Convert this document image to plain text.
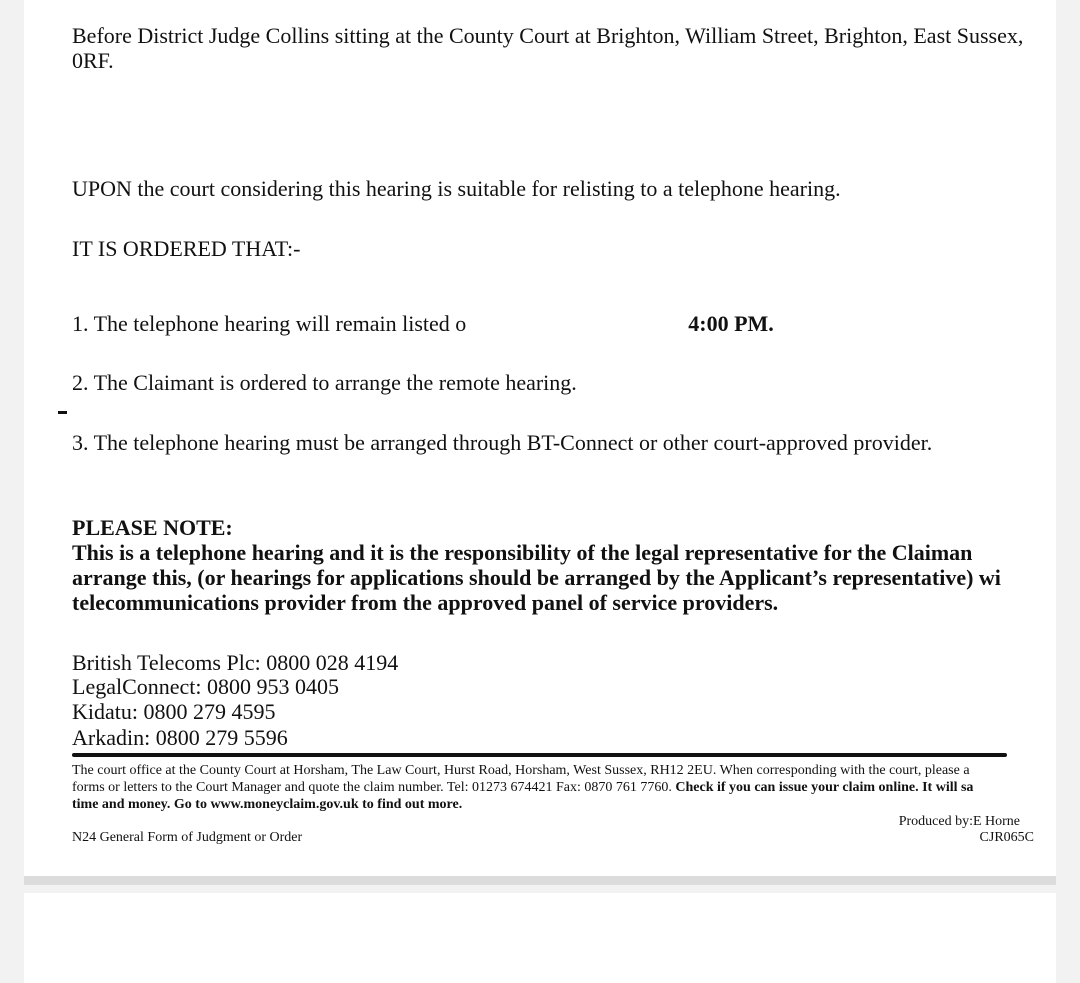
Before District Judge Collins sitting at the County Court at Brighton, William Street, Brighton, East Sussex,
0RF.
UPON the court considering this hearing is suitable for relisting to a telephone hearing.
IT IS ORDERED THAT:-
1. The telephone hearing will remain listed o	4:00 PM.
2. The Claimant is ordered to arrange the remote hearing.
3. The telephone hearing must be arranged through BT-Connect or other court-approved provider.
PLEASE NOTE:
This is a telephone hearing and it is the responsibility of the legal representative for the Claiman
arrange this, (or hearings for applications should be arranged by the Applicant’s representative) wi
telecommunications provider from the approved panel of service providers.
British Telecoms Plc: 0800 028 4194
LegalConnect: 0800 953 0405
Kidatu: 0800 279 4595
Arkadin: 0800 279 5596
The court office at the County Court at Horsham, The Law Court, Hurst Road, Horsham, West Sussex, RH12 2EU. When corresponding with the court, please a
forms or letters to the Court Manager and quote the claim number. Tel: 01273 674421 Fax: 0870 761 7760. Check if you can issue your claim online. It will sa
time and money. Go to www.moneyclaim.gov.uk to find out more.
Produced by:E Horne
N24 General Form of Judgment or Order	CJR065C
